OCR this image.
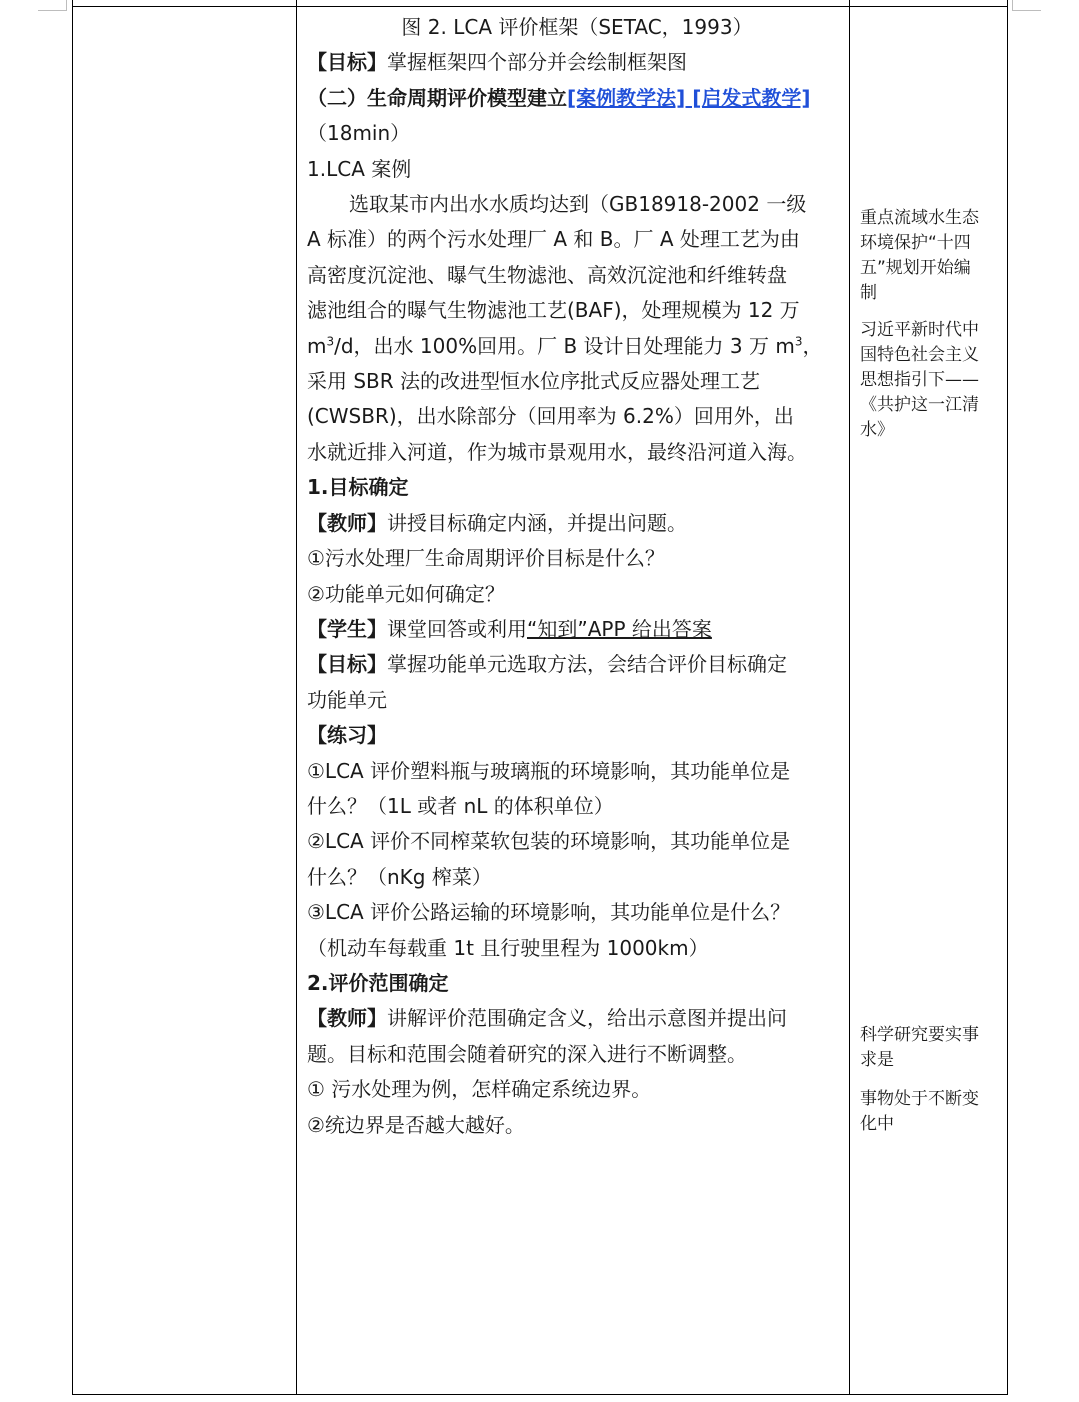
图 2. LCA 评价框架（SETAC，1993）
【目标】掌握框架四个部分并会绘制框架图
（二）生命周期评价模型建立[案例教学法] [启发式教学]
（18min）
1.LCA 案例
选取某市内出水水质均达到（GB18918-2002 一级
A 标准）的两个污水处理厂 A 和 B。厂 A 处理工艺为由
高密度沉淀池、曝气生物滤池、高效沉淀池和纤维转盘
滤池组合的曝气生物滤池工艺(BAF)，处理规模为 12 万
$m^3/d$，出水 100%回用。厂 B 设计日处理能力 3 万 $m^3$，
采用 SBR 法的改进型恒水位序批式反应器处理工艺
(CWSBR)，出水除部分（回用率为 6.2%）回用外，出
水就近排入河道，作为城市景观用水，最终沿河道入海。
1.目标确定
【教师】讲授目标确定内涵，并提出问题。
①污水处理厂生命周期评价目标是什么？
②功能单元如何确定？
【学生】课堂回答或利用“知到”APP 给出答案
【目标】掌握功能单元选取方法，会结合评价目标确定
功能单元
【练习】
①LCA 评价塑料瓶与玻璃瓶的环境影响，其功能单位是
什么？（1L 或者 nL 的体积单位）
②LCA 评价不同榨菜软包装的环境影响，其功能单位是
什么？（nKg 榨菜）
③LCA 评价公路运输的环境影响，其功能单位是什么？
（机动车每载重 1t 且行驶里程为 1000km）
2.评价范围确定
【教师】讲解评价范围确定含义，给出示意图并提出问
题。目标和范围会随着研究的深入进行不断调整。
① 污水处理为例，怎样确定系统边界。
②统边界是否越大越好。
重点流域水生态
环境保护“十四
五”规划开始编
制
习近平新时代中
国特色社会主义
思想指引下——
《共护这一江清
水》
科学研究要实事
求是
事物处于不断变
化中
